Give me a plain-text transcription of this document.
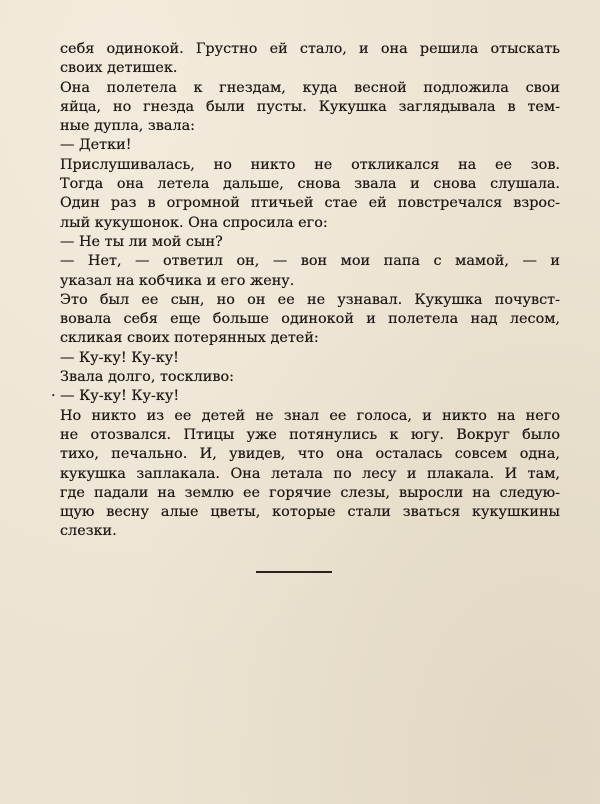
себя одинокой. Грустно ей стало, и она решила отыскать
своих детишек.
Она полетела к гнездам, куда весной подложила свои
яйца, но гнезда были пусты. Кукушка заглядывала в тем-
ные дупла, звала:
— Детки!
Прислушивалась, но никто не откликался на ее зов.
Тогда она летела дальше, снова звала и снова слушала.
Один раз в огромной птичьей стае ей повстречался взрос-
лый кукушонок. Она спросила его:
— Не ты ли мой сын?
— Нет, — ответил он, — вон мои папа с мамой, — и
указал на кобчика и его жену.
Это был ее сын, но он ее не узнавал. Кукушка почувст-
вовала себя еще больше одинокой и полетела над лесом,
скликая своих потерянных детей:
— Ку-ку! Ку-ку!
Звала долго, тоскливо:
· — Ку-ку! Ку-ку!
Но никто из ее детей не знал ее голоса, и никто на него
не отозвался. Птицы уже потянулись к югу. Вокруг было
тихо, печально. И, увидев, что она осталась совсем одна,
кукушка заплакала. Она летала по лесу и плакала. И там,
где падали на землю ее горячие слезы, выросли на следую-
щую весну алые цветы, которые стали зваться кукушкины
слезки.
